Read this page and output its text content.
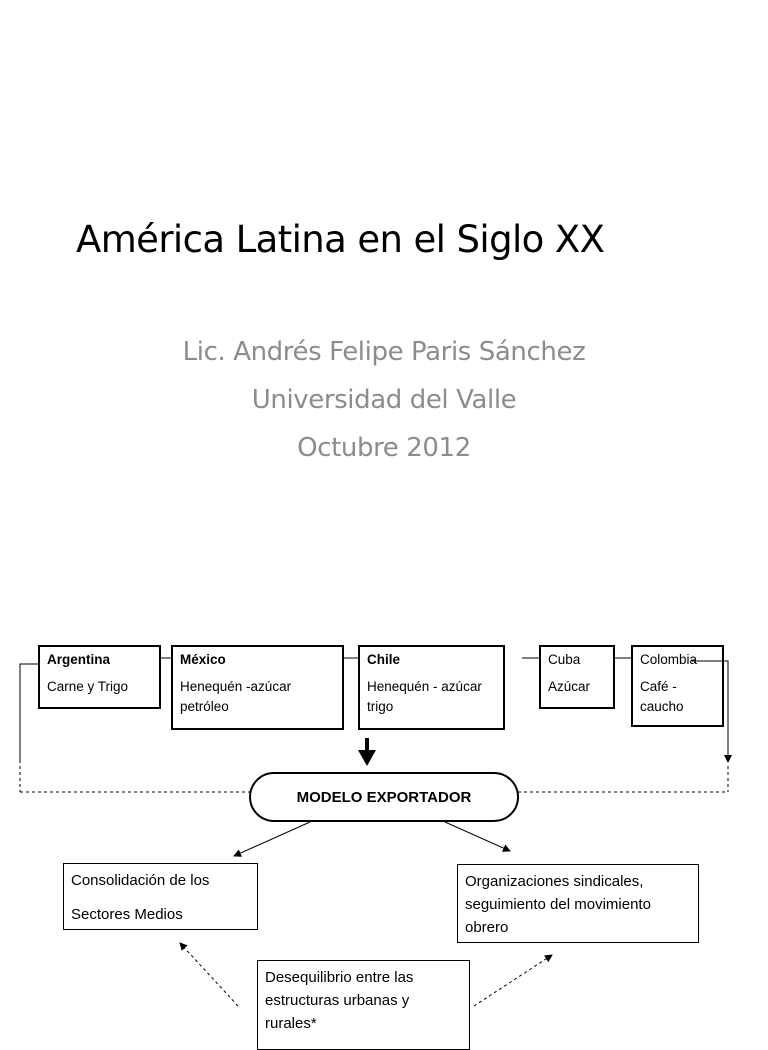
América Latina en el Siglo XX
Lic. Andrés Felipe Paris Sánchez
Universidad del Valle
Octubre 2012
Argentina
Carne y Trigo
México
Henequén -azúcar petróleo
Chile
Henequén - azúcar trigo
Cuba
Azúcar
Colombia
Café - caucho
MODELO EXPORTADOR
Consolidación de los Sectores Medios
Organizaciones sindicales, seguimiento del movimiento obrero
Desequilibrio entre las estructuras urbanas y rurales*
